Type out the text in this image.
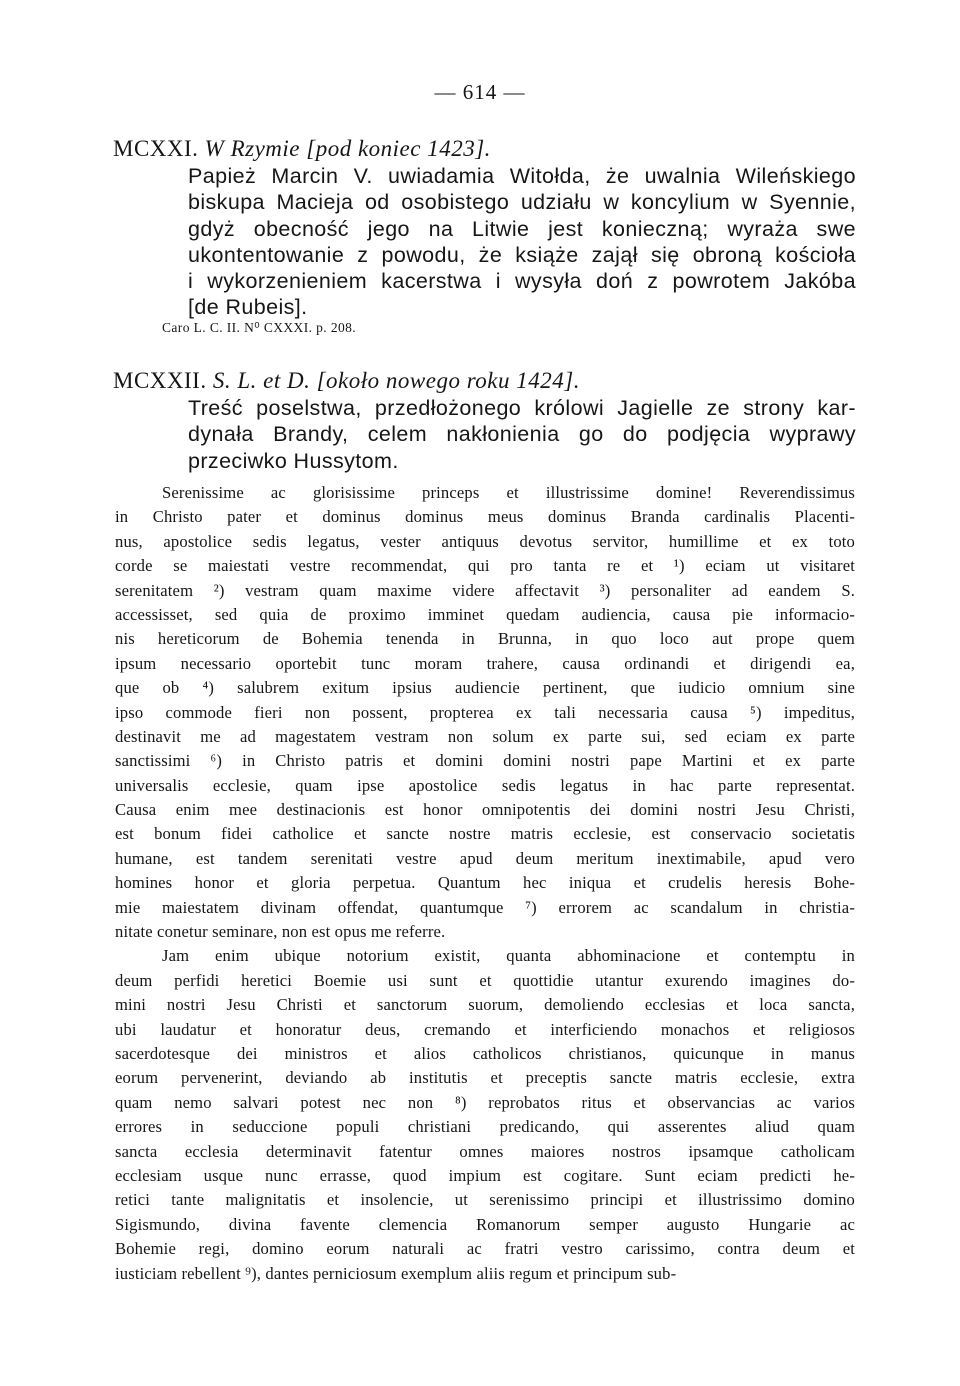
— 614 —
MCXXI. W Rzymie [pod koniec 1423].
Papież Marcin V. uwiadamia Witołda, że uwalnia Wileńskiego
biskupa Macieja od osobistego udziału w koncylium w Syennie,
gdyż obecność jego na Litwie jest konieczną; wyraża swe
ukontentowanie z powodu, że książe zajął się obroną kościoła
i wykorzenieniem kacerstwa i wysyła doń z powrotem Jakóba
[de Rubeis].
Caro L. C. II. N⁰ CXXXI. p. 208.
MCXXII. S. L. et D. [około nowego roku 1424].
Treść poselstwa, przedłożonego królowi Jagielle ze strony kar-
dynała Brandy, celem nakłonienia go do podjęcia wyprawy
przeciwko Hussytom.
Serenissime ac glorisissime princeps et illustrissime domine! Reverendissimus
in Christo pater et dominus dominus meus dominus Branda cardinalis Placenti-
nus, apostolice sedis legatus, vester antiquus devotus servitor, humillime et ex toto
corde se maiestati vestre recommendat, qui pro tanta re et ¹) eciam ut visitaret
serenitatem ²) vestram quam maxime videre affectavit ³) personaliter ad eandem S.
accessisset, sed quia de proximo imminet quedam audiencia, causa pie informacio-
nis hereticorum de Bohemia tenenda in Brunna, in quo loco aut prope quem
ipsum necessario oportebit tunc moram trahere, causa ordinandi et dirigendi ea,
que ob ⁴) salubrem exitum ipsius audiencie pertinent, que iudicio omnium sine
ipso commode fieri non possent, propterea ex tali necessaria causa ⁵) impeditus,
destinavit me ad magestatem vestram non solum ex parte sui, sed eciam ex parte
sanctissimi ⁶) in Christo patris et domini domini nostri pape Martini et ex parte
universalis ecclesie, quam ipse apostolice sedis legatus in hac parte representat.
Causa enim mee destinacionis est honor omnipotentis dei domini nostri Jesu Christi,
est bonum fidei catholice et sancte nostre matris ecclesie, est conservacio societatis
humane, est tandem serenitati vestre apud deum meritum inextimabile, apud vero
homines honor et gloria perpetua. Quantum hec iniqua et crudelis heresis Bohe-
mie maiestatem divinam offendat, quantumque ⁷) errorem ac scandalum in christia-
nitate conetur seminare, non est opus me referre.
Jam enim ubique notorium existit, quanta abhominacione et contemptu in
deum perfidi heretici Boemie usi sunt et quottidie utantur exurendo imagines do-
mini nostri Jesu Christi et sanctorum suorum, demoliendo ecclesias et loca sancta,
ubi laudatur et honoratur deus, cremando et interficiendo monachos et religiosos
sacerdotesque dei ministros et alios catholicos christianos, quicunque in manus
eorum pervenerint, deviando ab institutis et preceptis sancte matris ecclesie, extra
quam nemo salvari potest nec non ⁸) reprobatos ritus et observancias ac varios
errores in seduccione populi christiani predicando, qui asserentes aliud quam
sancta ecclesia determinavit fatentur omnes maiores nostros ipsamque catholicam
ecclesiam usque nunc errasse, quod impium est cogitare. Sunt eciam predicti he-
retici tante malignitatis et insolencie, ut serenissimo principi et illustrissimo domino
Sigismundo, divina favente clemencia Romanorum semper augusto Hungarie ac
Bohemie regi, domino eorum naturali ac fratri vestro carissimo, contra deum et
iusticiam rebellent ⁹), dantes perniciosum exemplum aliis regum et principum sub-
